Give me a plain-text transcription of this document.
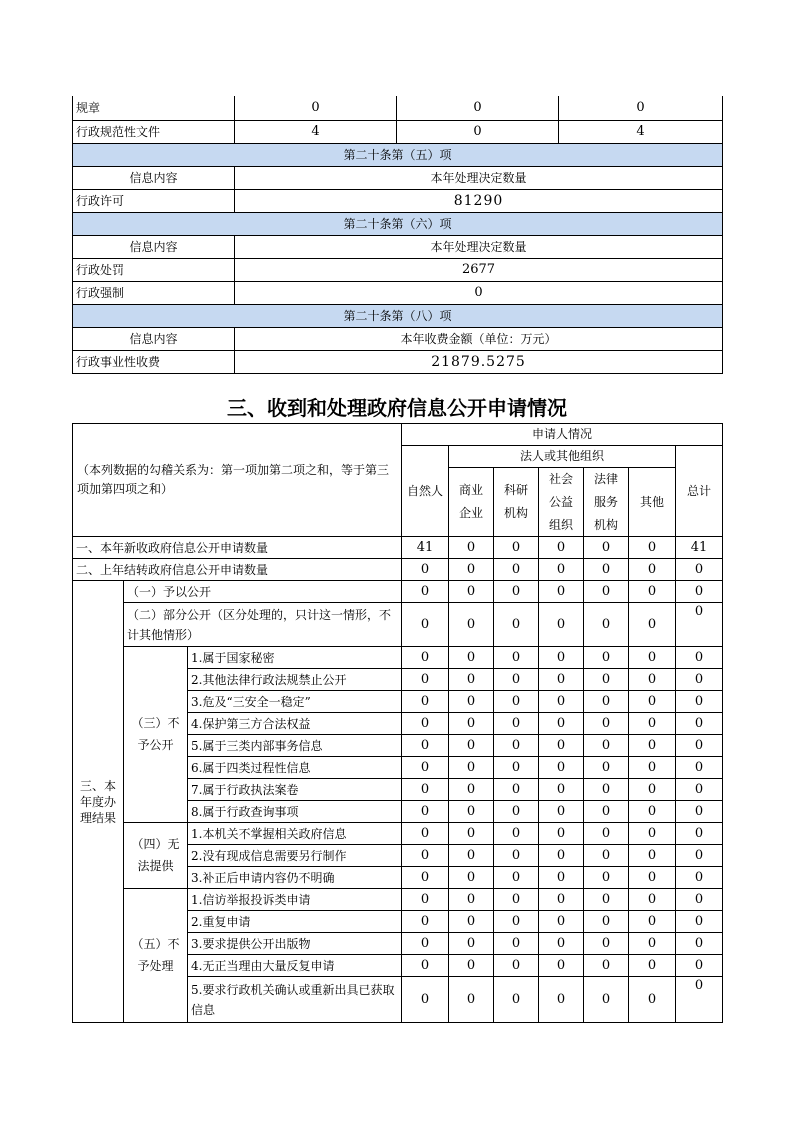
规章	0	0	0
行政规范性文件	4	0	4
第二十条第（五）项			
信息内容	本年处理决定数量		
行政许可	81290		
第二十条第（六）项			
信息内容	本年处理决定数量		
行政处罚	2677		
行政强制	0		
第二十条第（八）项			
信息内容	本年收费金额（单位：万元）		
行政事业性收费	21879.5275		
三、收到和处理政府信息公开申请情况
（本列数据的勾稽关系为：第一项加第二项之和，等于第三项加第四项之和）			申请人情况						
			自然人	法人或其他组织					总计
				商业企业	科研机构	社会公益组织	法律服务机构	其他	
一、本年新收政府信息公开申请数量			41	0	0	0	0	0	41
二、上年结转政府信息公开申请数量			0	0	0	0	0	0	0
三、本年度办理结果	（一）予以公开		0	0	0	0	0	0	0
	（二）部分公开（区分处理的，只计这一情形，不计其他情形）		0	0	0	0	0	0	0
	（三）不予公开	1.属于国家秘密	0	0	0	0	0	0	0
		2.其他法律行政法规禁止公开	0	0	0	0	0	0	0
		3.危及“三安全一稳定”	0	0	0	0	0	0	0
		4.保护第三方合法权益	0	0	0	0	0	0	0
		5.属于三类内部事务信息	0	0	0	0	0	0	0
		6.属于四类过程性信息	0	0	0	0	0	0	0
		7.属于行政执法案卷	0	0	0	0	0	0	0
		8.属于行政查询事项	0	0	0	0	0	0	0
	（四）无法提供	1.本机关不掌握相关政府信息	0	0	0	0	0	0	0
		2.没有现成信息需要另行制作	0	0	0	0	0	0	0
		3.补正后申请内容仍不明确	0	0	0	0	0	0	0
	（五）不予处理	1.信访举报投诉类申请	0	0	0	0	0	0	0
		2.重复申请	0	0	0	0	0	0	0
		3.要求提供公开出版物	0	0	0	0	0	0	0
		4.无正当理由大量反复申请	0	0	0	0	0	0	0
		5.要求行政机关确认或重新出具已获取信息	0	0	0	0	0	0	0
